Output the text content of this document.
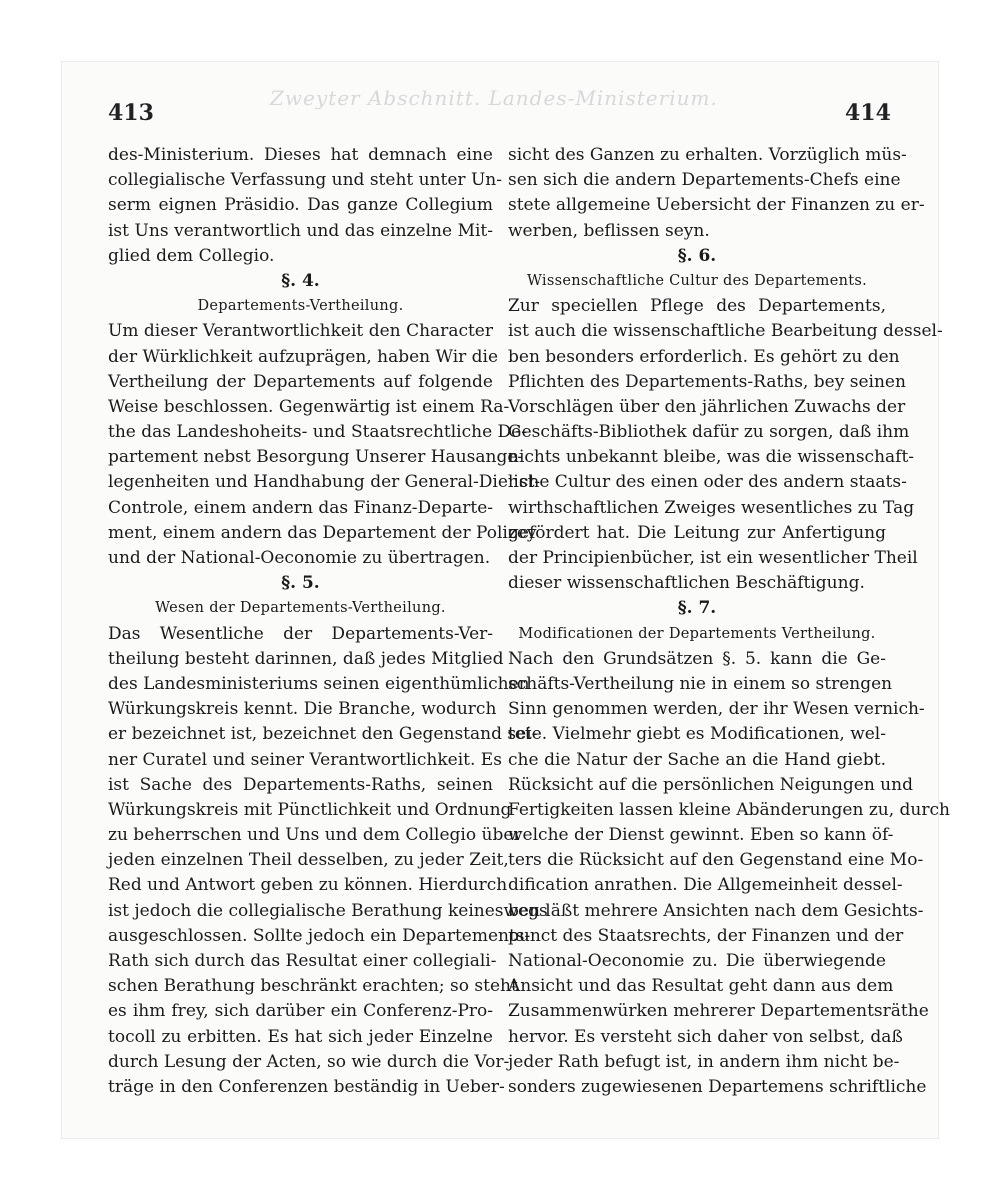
Zweyter Abschnitt. Landes-Ministerium.
413	414
des-Ministerium. Dieses hat demnach eine
collegialische Verfassung und steht unter Un-
serm eignen Präsidio. Das ganze Collegium
ist Uns verantwortlich und das einzelne Mit-
glied dem Collegio.
§. 4.
Departements-Vertheilung.
Um dieser Verantwortlichkeit den Character
der Würklichkeit aufzuprägen, haben Wir die
Vertheilung der Departements auf folgende
Weise beschlossen. Gegenwärtig ist einem Ra-
the das Landeshoheits- und Staatsrechtliche De-
partement nebst Besorgung Unserer Hausange-
legenheiten und Handhabung der General-Dienst-
Controle, einem andern das Finanz-Departe-
ment, einem andern das Departement der Polizey
und der National-Oeconomie zu übertragen.
§. 5.
Wesen der Departements-Vertheilung.
Das Wesentliche der Departements-Ver-
theilung besteht darinnen, daß jedes Mitglied
des Landesministeriums seinen eigenthümlichen
Würkungskreis kennt. Die Branche, wodurch
er bezeichnet ist, bezeichnet den Gegenstand sei-
ner Curatel und seiner Verantwortlichkeit. Es
ist Sache des Departements-Raths, seinen
Würkungskreis mit Pünctlichkeit und Ordnung
zu beherrschen und Uns und dem Collegio über
jeden einzelnen Theil desselben, zu jeder Zeit,
Red und Antwort geben zu können. Hierdurch
ist jedoch die collegialische Berathung keineswegs
ausgeschlossen. Sollte jedoch ein Departements-
Rath sich durch das Resultat einer collegiali-
schen Berathung beschränkt erachten; so steht
es ihm frey, sich darüber ein Conferenz-Pro-
tocoll zu erbitten. Es hat sich jeder Einzelne
durch Lesung der Acten, so wie durch die Vor-
träge in den Conferenzen beständig in Ueber-
sicht des Ganzen zu erhalten. Vorzüglich müs-
sen sich die andern Departements-Chefs eine
stete allgemeine Uebersicht der Finanzen zu er-
werben, beflissen seyn.
§. 6.
Wissenschaftliche Cultur des Departements.
Zur speciellen Pflege des Departements,
ist auch die wissenschaftliche Bearbeitung dessel-
ben besonders erforderlich. Es gehört zu den
Pflichten des Departements-Raths, bey seinen
Vorschlägen über den jährlichen Zuwachs der
Geschäfts-Bibliothek dafür zu sorgen, daß ihm
nichts unbekannt bleibe, was die wissenschaft-
liche Cultur des einen oder des andern staats-
wirthschaftlichen Zweiges wesentliches zu Tag
gefördert hat. Die Leitung zur Anfertigung
der Principienbücher, ist ein wesentlicher Theil
dieser wissenschaftlichen Beschäftigung.
§. 7.
Modificationen der Departements Vertheilung.
Nach den Grundsätzen §. 5. kann die Ge-
schäfts-Vertheilung nie in einem so strengen
Sinn genommen werden, der ihr Wesen vernich-
tete. Vielmehr giebt es Modificationen, wel-
che die Natur der Sache an die Hand giebt.
Rücksicht auf die persönlichen Neigungen und
Fertigkeiten lassen kleine Abänderungen zu, durch
welche der Dienst gewinnt. Eben so kann öf-
ters die Rücksicht auf den Gegenstand eine Mo-
dification anrathen. Die Allgemeinheit dessel-
ben läßt mehrere Ansichten nach dem Gesichts-
punct des Staatsrechts, der Finanzen und der
National-Oeconomie zu. Die überwiegende
Ansicht und das Resultat geht dann aus dem
Zusammenwürken mehrerer Departementsräthe
hervor. Es versteht sich daher von selbst, daß
jeder Rath befugt ist, in andern ihm nicht be-
sonders zugewiesenen Departemens schriftliche
